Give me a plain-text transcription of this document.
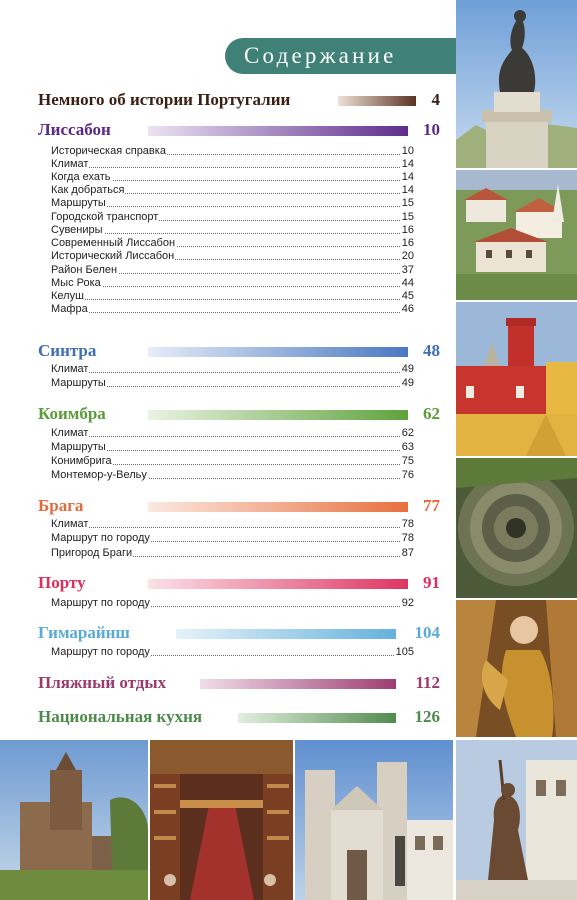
Содержание
Немного об истории Португалии	4
Лиссабон	10
Историческая справка	10
Климат	14
Когда ехать	14
Как добраться	14
Маршруты	15
Городской транспорт	15
Сувениры	16
Современный Лиссабон	16
Исторический Лиссабон	20
Район Белен	37
Мыс Рока	44
Келуш	45
Мафра	46
Синтра	48
Климат	49
Маршруты	49
Коимбра	62
Климат	62
Маршруты	63
Конимбрига	75
Монтемор-у-Вельу	76
Брага	77
Климат	78
Маршрут по городу	78
Пригород Браги	87
Порту	91
Маршрут по городу	92
Гимарайнш	104
Маршрут по городу	105
Пляжный отдых	112
Национальная кухня	126
